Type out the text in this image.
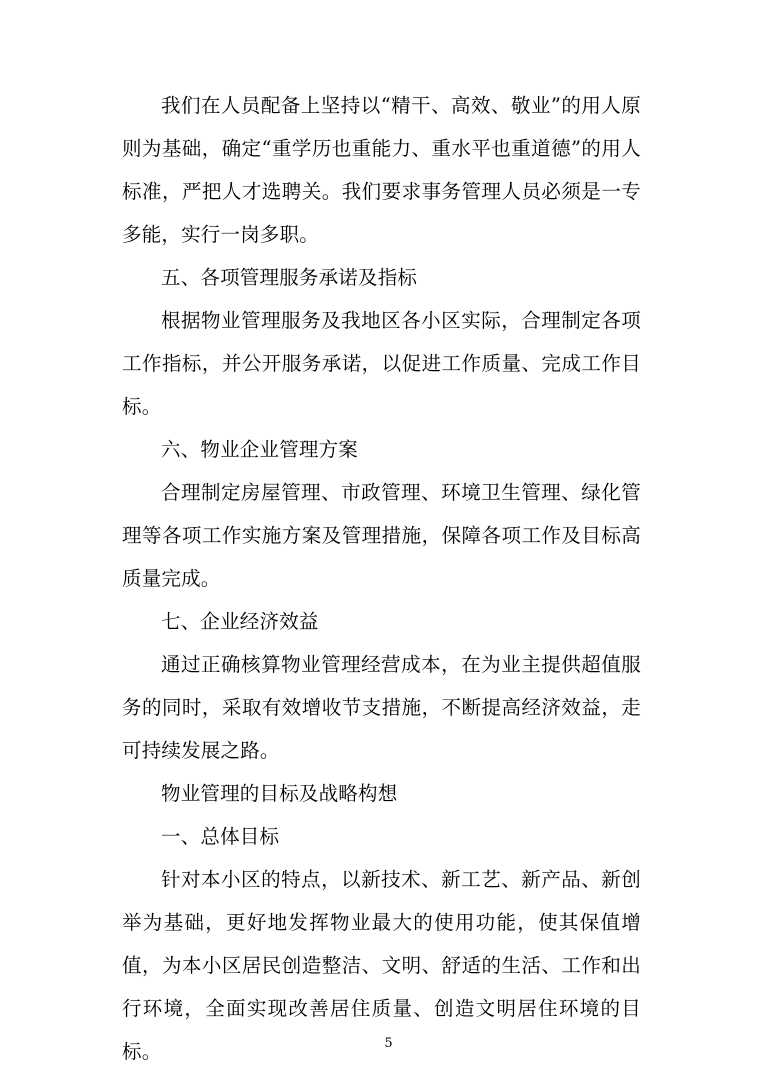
我们在人员配备上坚持以“精干、高效、敬业”的用人原则为基础，确定“重学历也重能力、重水平也重道德”的用人标准，严把人才选聘关。我们要求事务管理人员必须是一专多能，实行一岗多职。

五、各项管理服务承诺及指标

根据物业管理服务及我地区各小区实际，合理制定各项工作指标，并公开服务承诺，以促进工作质量、完成工作目标。

六、物业企业管理方案

合理制定房屋管理、市政管理、环境卫生管理、绿化管理等各项工作实施方案及管理措施，保障各项工作及目标高质量完成。

七、企业经济效益

通过正确核算物业管理经营成本，在为业主提供超值服务的同时，采取有效增收节支措施，不断提高经济效益，走可持续发展之路。

物业管理的目标及战略构想

一、总体目标

针对本小区的特点，以新技术、新工艺、新产品、新创举为基础，更好地发挥物业最大的使用功能，使其保值增值，为本小区居民创造整洁、文明、舒适的生活、工作和出行环境，全面实现改善居住质量、创造文明居住环境的目标。	5
